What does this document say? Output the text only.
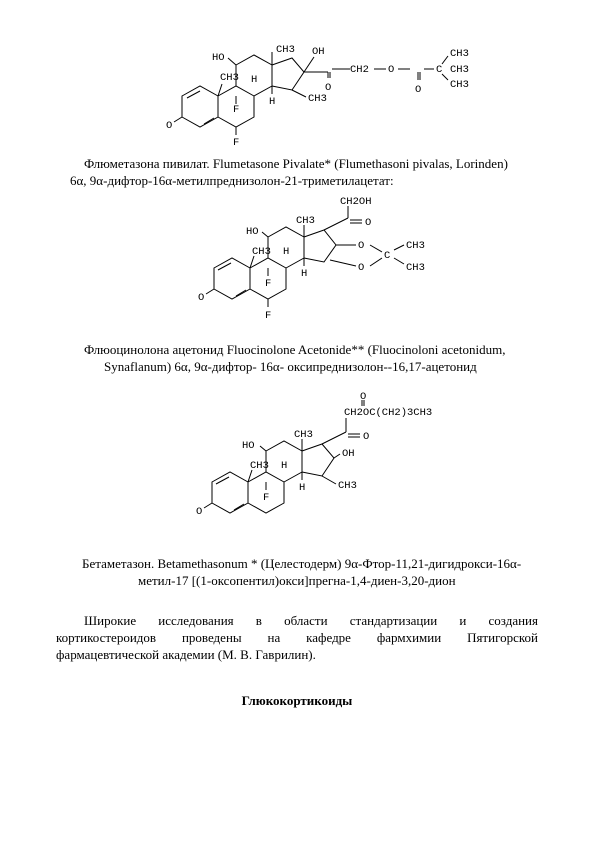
HO
CH3 OH
CH3
O
CH2 O	C
O
CH3
CH3
CH3
CH3
H
H
F
F
O
Флюметазона пивилат. Flumetasone Pivalate* (Flumethasoni pivalas, Lorinden)
6α, 9α-дифтор-16α-метилпреднизолон-21-триметилацетат:
CH2OH
O
CH3
HO
CH3	O
O
C
CH3
CH3
H
H
F
F
O
Флюоцинолона ацетонид Fluocinolone Acetonide** (Fluocinoloni acetonidum,
Synaflanum) 6α, 9α-дифтор- 16α- оксипреднизолон--16,17-ацетонид
CH2OC(CH2)3CH3
O
O
CH3
HO
OH
CH3 H
H	CH3
F
O
Бетаметазон. Betamethasonum * (Целестодерм) 9α-Фтор-11,21-дигидрокси-16α-
метил-17 [(1-оксопентил)окси]прегна-1,4-диен-3,20-дион
Широкие исследования в области стандартизации и создания
кортикостероидов проведены на кафедре фармхимии Пятигорской
фармацевтической академии (М. В. Гаврилин).
Глюкокортикоиды
